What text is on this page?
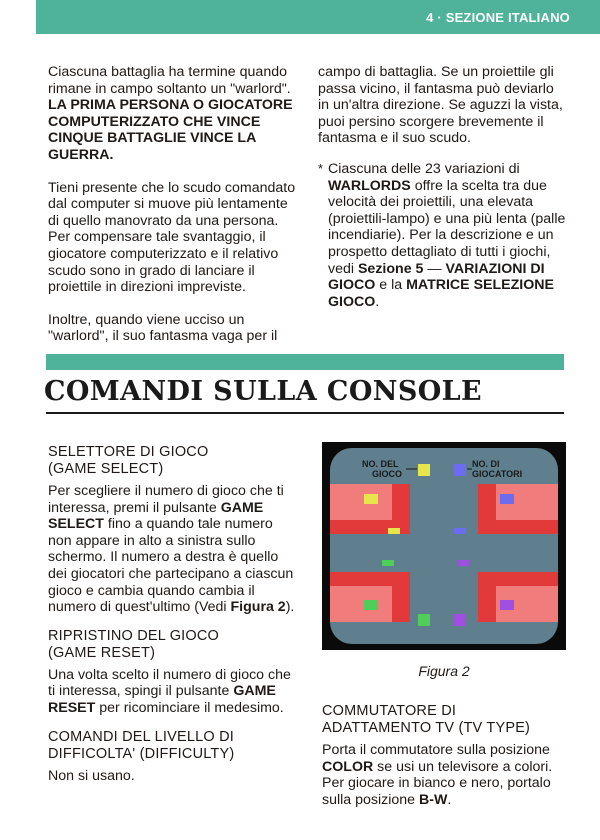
4 · SEZIONE ITALIANO

Ciascuna battaglia ha termine quando rimane in campo soltanto un "warlord". LA PRIMA PERSONA O GIOCATORE COMPUTERIZZATO CHE VINCE CINQUE BATTAGLIE VINCE LA GUERRA.

Tieni presente che lo scudo comandato dal computer si muove più lentamente di quello manovrato da una persona. Per compensare tale svantaggio, il giocatore computerizzato e il relativo scudo sono in grado di lanciare il proiettile in direzioni impreviste.

Inoltre, quando viene ucciso un "warlord", il suo fantasma vaga per il

campo di battaglia. Se un proiettile gli passa vicino, il fantasma può deviarlo in un'altra direzione. Se aguzzi la vista, puoi persino scorgere brevemente il fantasma e il suo scudo.

* Ciascuna delle 23 variazioni di WARLORDS offre la scelta tra due velocità dei proiettili, una elevata (proiettili-lampo) e una più lenta (palle incendiarie). Per la descrizione e un prospetto dettagliato di tutti i giochi, vedi Sezione 5 — VARIAZIONI DI GIOCO e la MATRICE SELEZIONE GIOCO.

COMANDI SULLA CONSOLE
SELETTORE DI GIOCO (GAME SELECT)

Per scegliere il numero di gioco che ti interessa, premi il pulsante GAME SELECT fino a quando tale numero non appare in alto a sinistra sullo schermo. Il numero a destra è quello dei giocatori che partecipano a ciascun gioco e cambia quando cambia il numero di quest'ultimo (Vedi Figura 2).

RIPRISTINO DEL GIOCO (GAME RESET)

Una volta scelto il numero di gioco che ti interessa, spingi il pulsante GAME RESET per ricominciare il medesimo.

COMANDI DEL LIVELLO DI DIFFICOLTA' (DIFFICULTY)

Non si usano.

NO. DEL
GIOCO
NO. DI
GIOCATORI
Figura 2
COMMUTATORE DI ADATTAMENTO TV (TV TYPE)

Porta il commutatore sulla posizione COLOR se usi un televisore a colori. Per giocare in bianco e nero, portalo sulla posizione B-W.
